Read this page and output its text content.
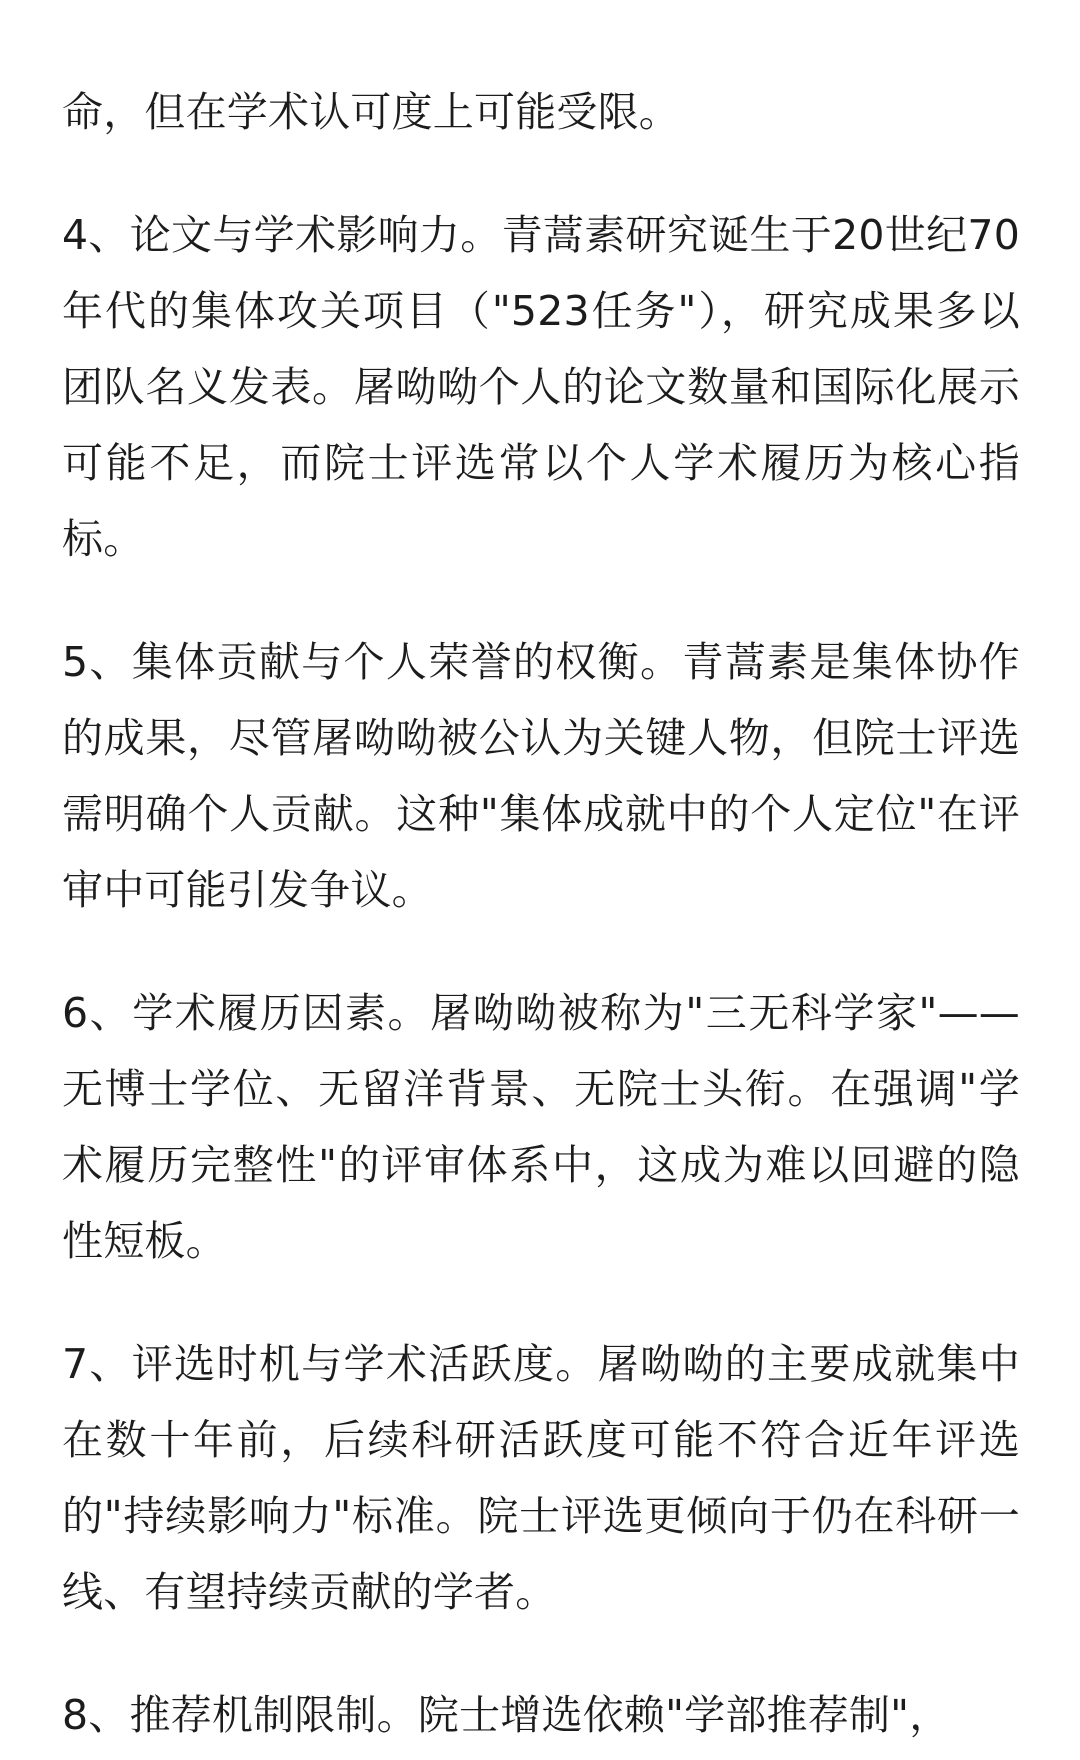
命，但在学术认可度上可能受限。

4、论文与学术影响力。青蒿素研究诞生于20世纪70年代的集体攻关项目（"523任务"），研究成果多以团队名义发表。屠呦呦个人的论文数量和国际化展示可能不足，而院士评选常以个人学术履历为核心指标。

5、集体贡献与个人荣誉的权衡。青蒿素是集体协作的成果，尽管屠呦呦被公认为关键人物，但院士评选需明确个人贡献。这种"集体成就中的个人定位"在评审中可能引发争议。

6、学术履历因素。屠呦呦被称为"三无科学家"——无博士学位、无留洋背景、无院士头衔。在强调"学术履历完整性"的评审体系中，这成为难以回避的隐性短板。

7、评选时机与学术活跃度。屠呦呦的主要成就集中在数十年前，后续科研活跃度可能不符合近年评选的"持续影响力"标准。院士评选更倾向于仍在科研一线、有望持续贡献的学者。

8、推荐机制限制。院士增选依赖"学部推荐制"，
